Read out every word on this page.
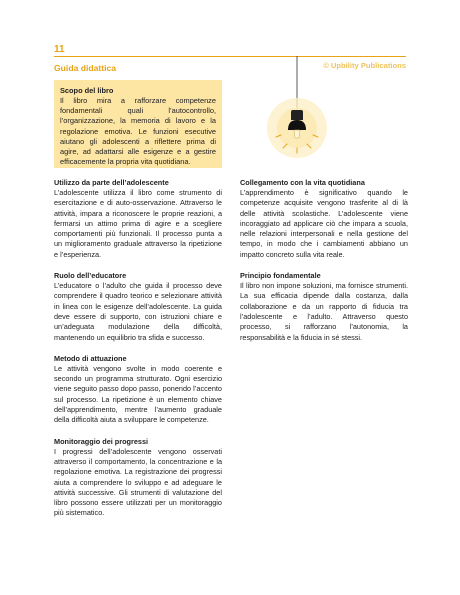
11
Guida didattica	© Upbility Publications

Scopo del libro

Il libro mira a rafforzare competenze fondamentali quali l’autocontrollo, l’organizzazione, la memoria di lavoro e la regolazione emotiva. Le funzioni esecutive aiutano gli adolescenti a riflettere prima di agire, ad adattarsi alle esigenze e a gestire efficacemente la propria vita quotidiana.

Utilizzo da parte dell’adolescente

L’adolescente utilizza il libro come strumento di esercitazione e di auto-osservazione. Attraverso le attività, impara a riconoscere le proprie reazioni, a fermarsi un attimo prima di agire e a scegliere comportamenti più funzionali. Il processo punta a un miglioramento graduale attraverso la ripetizione e l’esperienza.

Ruolo dell’educatore

L’educatore o l’adulto che guida il processo deve comprendere il quadro teorico e selezionare attività in linea con le esigenze dell’adolescente. La guida deve essere di supporto, con istruzioni chiare e un’adeguata modulazione della difficoltà, mantenendo un equilibrio tra sfida e successo.

Metodo di attuazione

Le attività vengono svolte in modo coerente e secondo un programma strutturato. Ogni esercizio viene seguito passo dopo passo, ponendo l’accento sul processo. La ripetizione è un elemento chiave dell’apprendimento, mentre l’aumento graduale della difficoltà aiuta a sviluppare le competenze.

Monitoraggio dei progressi

I progressi dell’adolescente vengono osservati attraverso il comportamento, la concentrazione e la regolazione emotiva. La registrazione dei progressi aiuta a comprendere lo sviluppo e ad adeguare le attività successive. Gli strumenti di valutazione del libro possono essere utilizzati per un monitoraggio più sistematico.

Collegamento con la vita quotidiana

L’apprendimento è significativo quando le competenze acquisite vengono trasferite al di là delle attività scolastiche. L’adolescente viene incoraggiato ad applicare ciò che impara a scuola, nelle relazioni interpersonali e nella gestione del tempo, in modo che i cambiamenti abbiano un impatto concreto sulla vita reale.

Principio fondamentale

Il libro non impone soluzioni, ma fornisce strumenti. La sua efficacia dipende dalla costanza, dalla collaborazione e da un rapporto di fiducia tra l’adolescente e l’adulto. Attraverso questo processo, si rafforzano l’autonomia, la responsabilità e la fiducia in sé stessi.
